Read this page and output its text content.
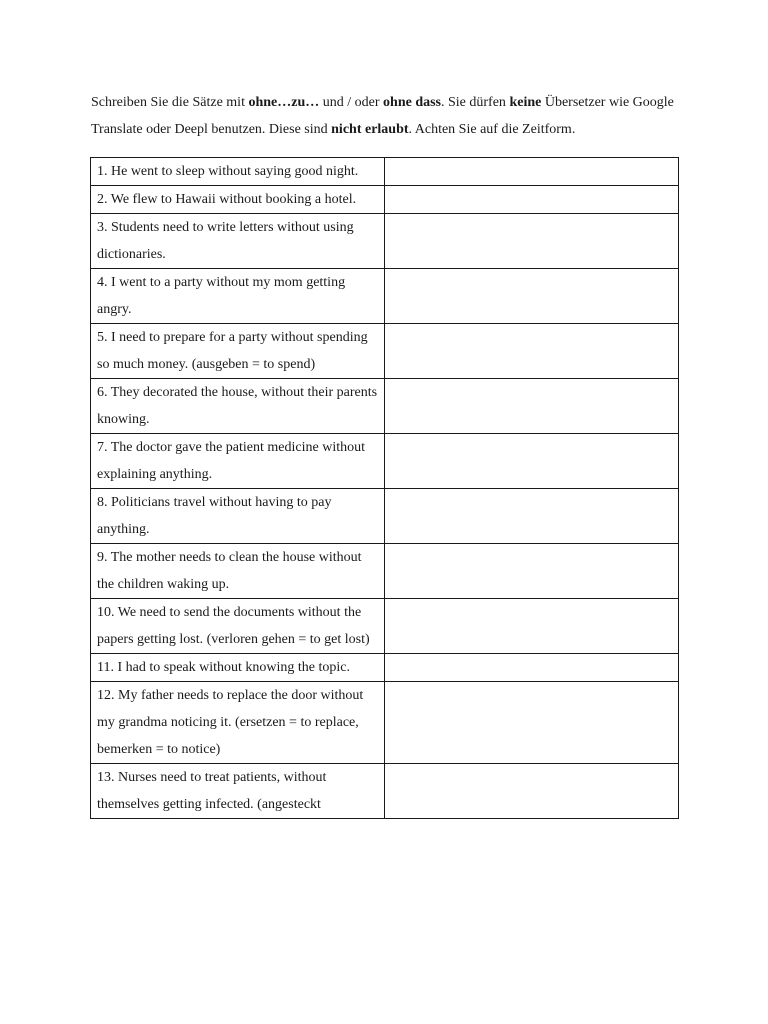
Schreiben Sie die Sätze mit ohne…zu… und / oder ohne dass. Sie dürfen keine Übersetzer wie Google Translate oder Deepl benutzen. Diese sind nicht erlaubt. Achten Sie auf die Zeitform.

1. He went to sleep without saying good night.	
2. We flew to Hawaii without booking a hotel.	
3. Students need to write letters without using dictionaries.	
4. I went to a party without my mom getting angry.	
5. I need to prepare for a party without spending so much money. (ausgeben = to spend)	
6. They decorated the house, without their parents knowing.	
7. The doctor gave the patient medicine without explaining anything.	
8. Politicians travel without having to pay anything.	
9. The mother needs to clean the house without the children waking up.	
10. We need to send the documents without the papers getting lost. (verloren gehen = to get lost)	
11. I had to speak without knowing the topic.	
12. My father needs to replace the door without my grandma noticing it. (ersetzen = to replace, bemerken = to notice)	

13. Nurses need to treat patients, without themselves getting infected. (angesteckt	
